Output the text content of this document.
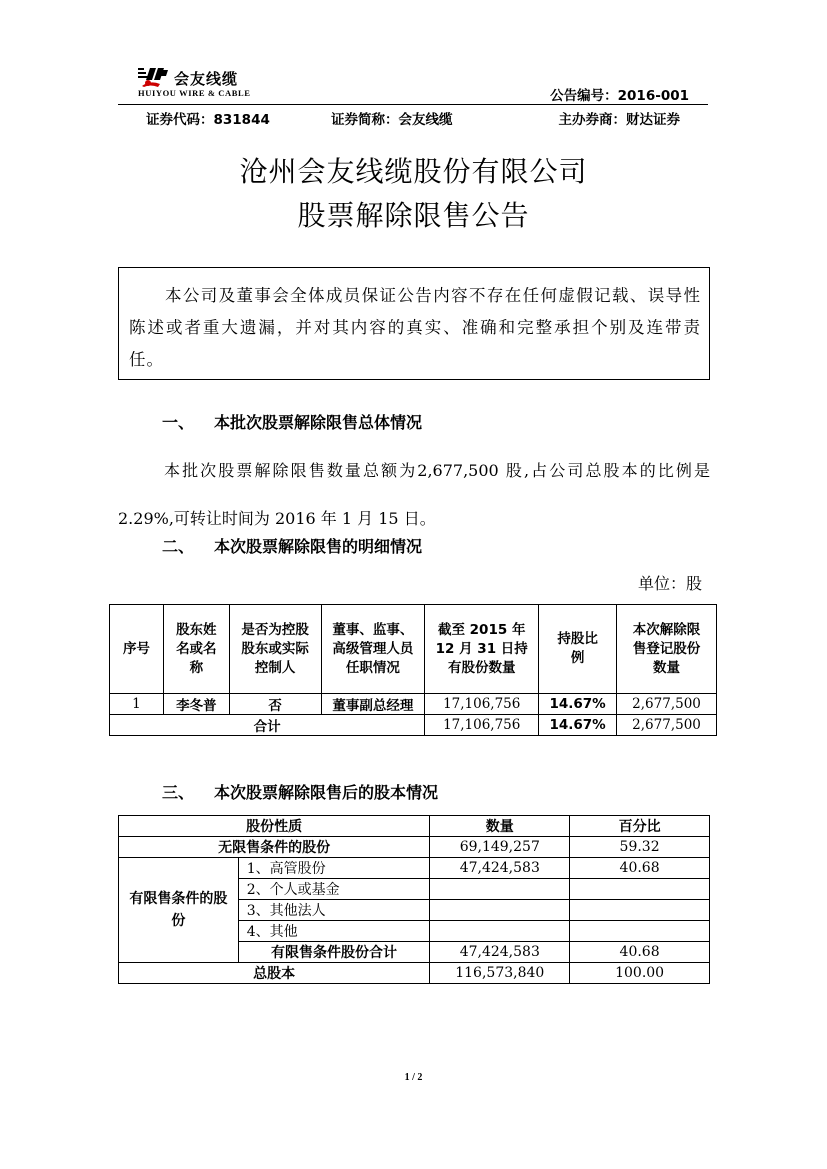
会友线缆
HUIYOU WIRE & CABLE	公告编号：2016-001
证券代码：831844	证券简称：会友线缆	主办券商：财达证券
沧州会友线缆股份有限公司
股票解除限售公告
本公司及董事会全体成员保证公告内容不存在任何虚假记载、误导性陈述或者重大遗漏，并对其内容的真实、准确和完整承担个别及连带责任。
一、 本批次股票解除限售总体情况
本批次股票解除限售数量总额为2,677,500 股,占公司总股本的比例是 2.29%,可转让时间为 2016 年 1 月 15 日。
二、 本次股票解除限售的明细情况
单位：股
序号	股东姓名或名称	是否为控股股东或实际控制人	董事、监事、高级管理人员任职情况	截至 2015 年 12 月 31 日持有股份数量	持股比例	本次解除限售登记股份数量
1	李冬普	否	董事副总经理	17,106,756	14.67%	2,677,500
合计				17,106,756	14.67%	2,677,500
三、 本次股票解除限售后的股本情况
股份性质		数量	百分比
无限售条件的股份		69,149,257	59.32
有限售条件的股份	1、高管股份	47,424,583	40.68
	2、个人或基金		
	3、其他法人		
	4、其他		
	有限售条件股份合计	47,424,583	40.68
总股本		116,573,840	100.00
1 / 2
